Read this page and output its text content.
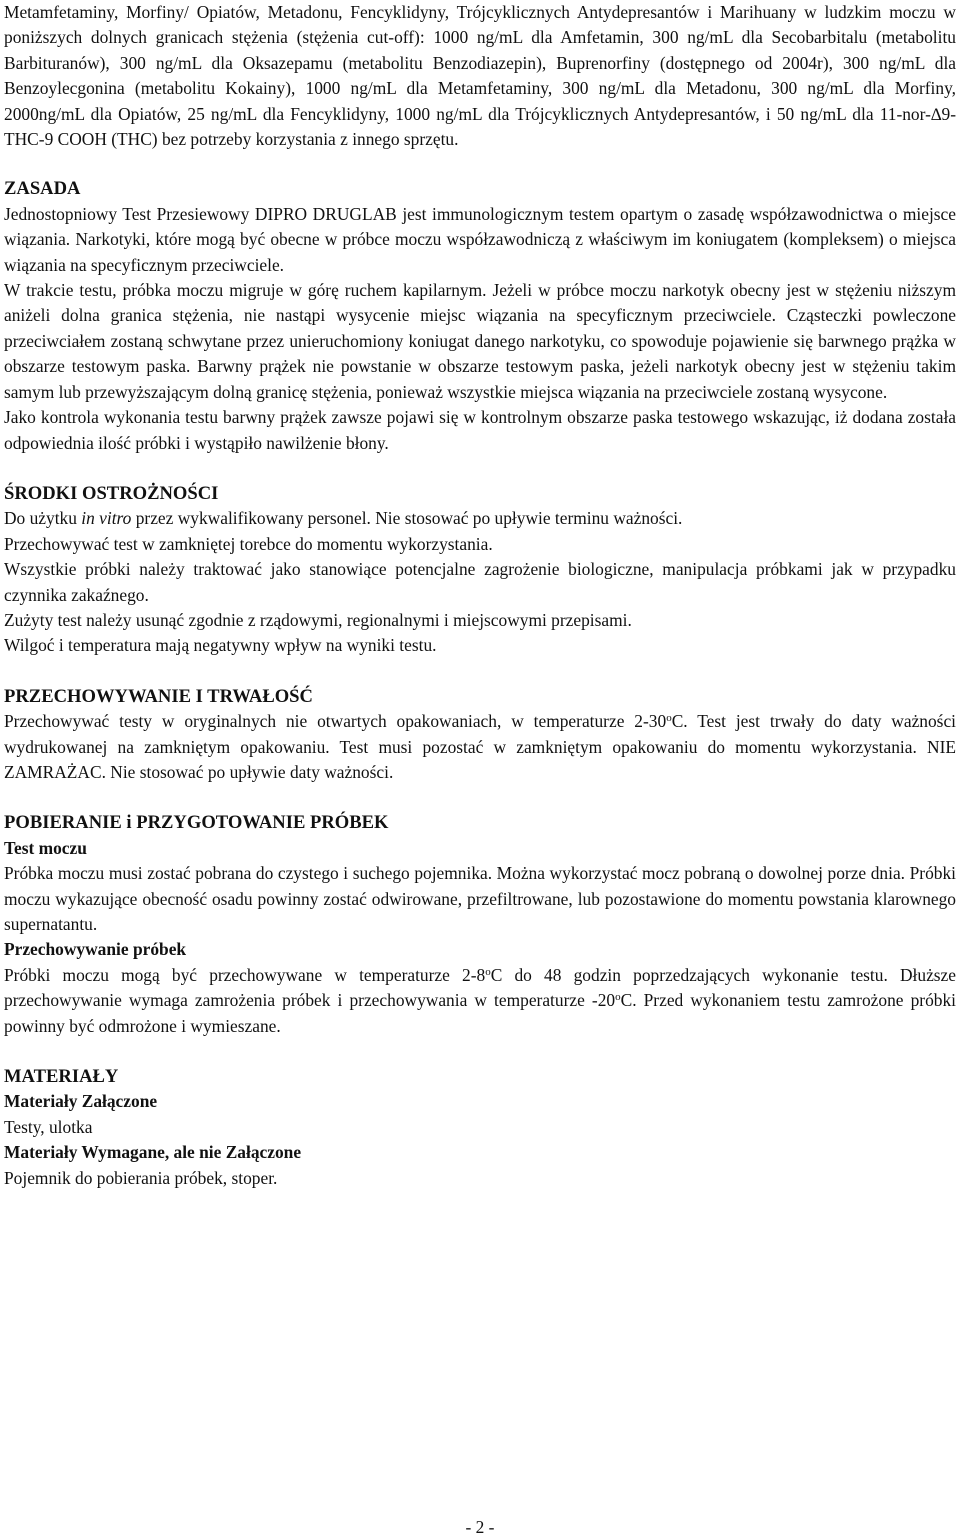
Metamfetaminy, Morfiny/ Opiatów, Metadonu, Fencyklidyny, Trójcyklicznych Antydepresantów i Marihuany w ludzkim moczu w poniższych dolnych granicach stężenia (stężenia cut-off): 1000 ng/mL dla Amfetamin, 300 ng/mL dla Secobarbitalu (metabolitu Barbituranów), 300 ng/mL dla Oksazepamu (metabolitu Benzodiazepin), Buprenorfiny (dostępnego od 2004r), 300 ng/mL dla Benzoylecgonina (metabolitu Kokainy), 1000 ng/mL dla Metamfetaminy, 300 ng/mL dla Metadonu, 300 ng/mL dla Morfiny, 2000ng/mL dla Opiatów, 25 ng/mL dla Fencyklidyny, 1000 ng/mL dla Trójcyklicznych Antydepresantów, i 50 ng/mL dla 11-nor-∆9-THC-9 COOH (THC) bez potrzeby korzystania z innego sprzętu.

ZASADA

Jednostopniowy Test Przesiewowy DIPRO DRUGLAB jest immunologicznym testem opartym o zasadę współzawodnictwa o miejsce wiązania. Narkotyki, które mogą być obecne w próbce moczu współzawodniczą z właściwym im koniugatem (kompleksem) o miejsca wiązania na specyficznym przeciwciele.

W trakcie testu, próbka moczu migruje w górę ruchem kapilarnym. Jeżeli w próbce moczu narkotyk obecny jest w stężeniu niższym aniżeli dolna granica stężenia, nie nastąpi wysycenie miejsc wiązania na specyficznym przeciwciele. Cząsteczki powleczone przeciwciałem zostaną schwytane przez unieruchomiony koniugat danego narkotyku, co spowoduje pojawienie się barwnego prążka w obszarze testowym paska. Barwny prążek nie powstanie w obszarze testowym paska, jeżeli narkotyk obecny jest w stężeniu takim samym lub przewyższającym dolną granicę stężenia, ponieważ wszystkie miejsca wiązania na przeciwciele zostaną wysycone.

Jako kontrola wykonania testu barwny prążek zawsze pojawi się w kontrolnym obszarze paska testowego wskazując, iż dodana została odpowiednia ilość próbki i wystąpiło nawilżenie błony.

ŚRODKI OSTROŻNOŚCI

Do użytku in vitro przez wykwalifikowany personel. Nie stosować po upływie terminu ważności.

Przechowywać test w zamkniętej torebce do momentu wykorzystania.

Wszystkie próbki należy traktować jako stanowiące potencjalne zagrożenie biologiczne, manipulacja próbkami jak w przypadku czynnika zakaźnego.

Zużyty test należy usunąć zgodnie z rządowymi, regionalnymi i miejscowymi przepisami.

Wilgoć i temperatura mają negatywny wpływ na wyniki testu.

PRZECHOWYWANIE I TRWAŁOŚĆ

Przechowywać testy w oryginalnych nie otwartych opakowaniach, w temperaturze 2-30$^o$C. Test jest trwały do daty ważności wydrukowanej na zamkniętym opakowaniu. Test musi pozostać w zamkniętym opakowaniu do momentu wykorzystania. NIE ZAMRAŻAC. Nie stosować po upływie daty ważności.

POBIERANIE i PRZYGOTOWANIE PRÓBEK

Test moczu

Próbka moczu musi zostać pobrana do czystego i suchego pojemnika. Można wykorzystać mocz pobraną o dowolnej porze dnia. Próbki moczu wykazujące obecność osadu powinny zostać odwirowane, przefiltrowane, lub pozostawione do momentu powstania klarownego supernatantu.

Przechowywanie próbek

Próbki moczu mogą być przechowywane w temperaturze 2-8$^o$C do 48 godzin poprzedzających wykonanie testu. Dłuższe przechowywanie wymaga zamrożenia próbek i przechowywania w temperaturze -20$^o$C. Przed wykonaniem testu zamrożone próbki powinny być odmrożone i wymieszane.

MATERIAŁY

Materiały Załączone

Testy, ulotka

Materiały Wymagane, ale nie Załączone

Pojemnik do pobierania próbek, stoper.

- 2 -
